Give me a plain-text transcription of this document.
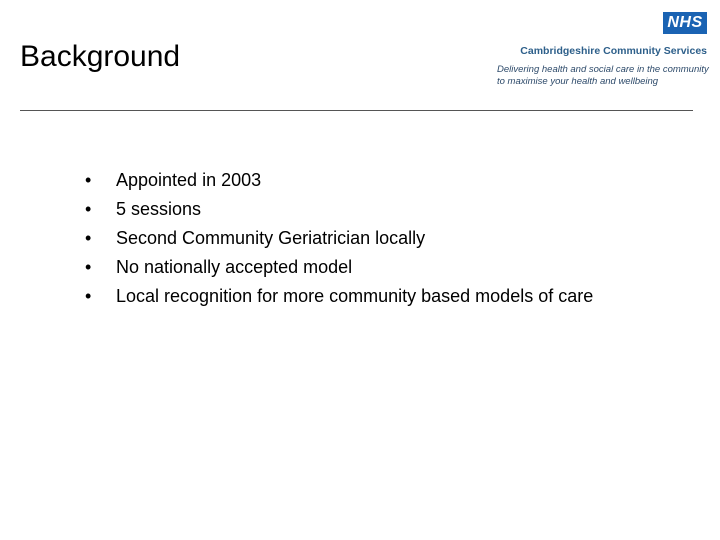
Background
NHS
Cambridgeshire Community Services
Delivering health and social care in the community
to maximise your health and wellbeing
• Appointed in 2003
• 5 sessions
• Second Community Geriatrician locally
• No nationally accepted model
• Local recognition for more community based models of care
